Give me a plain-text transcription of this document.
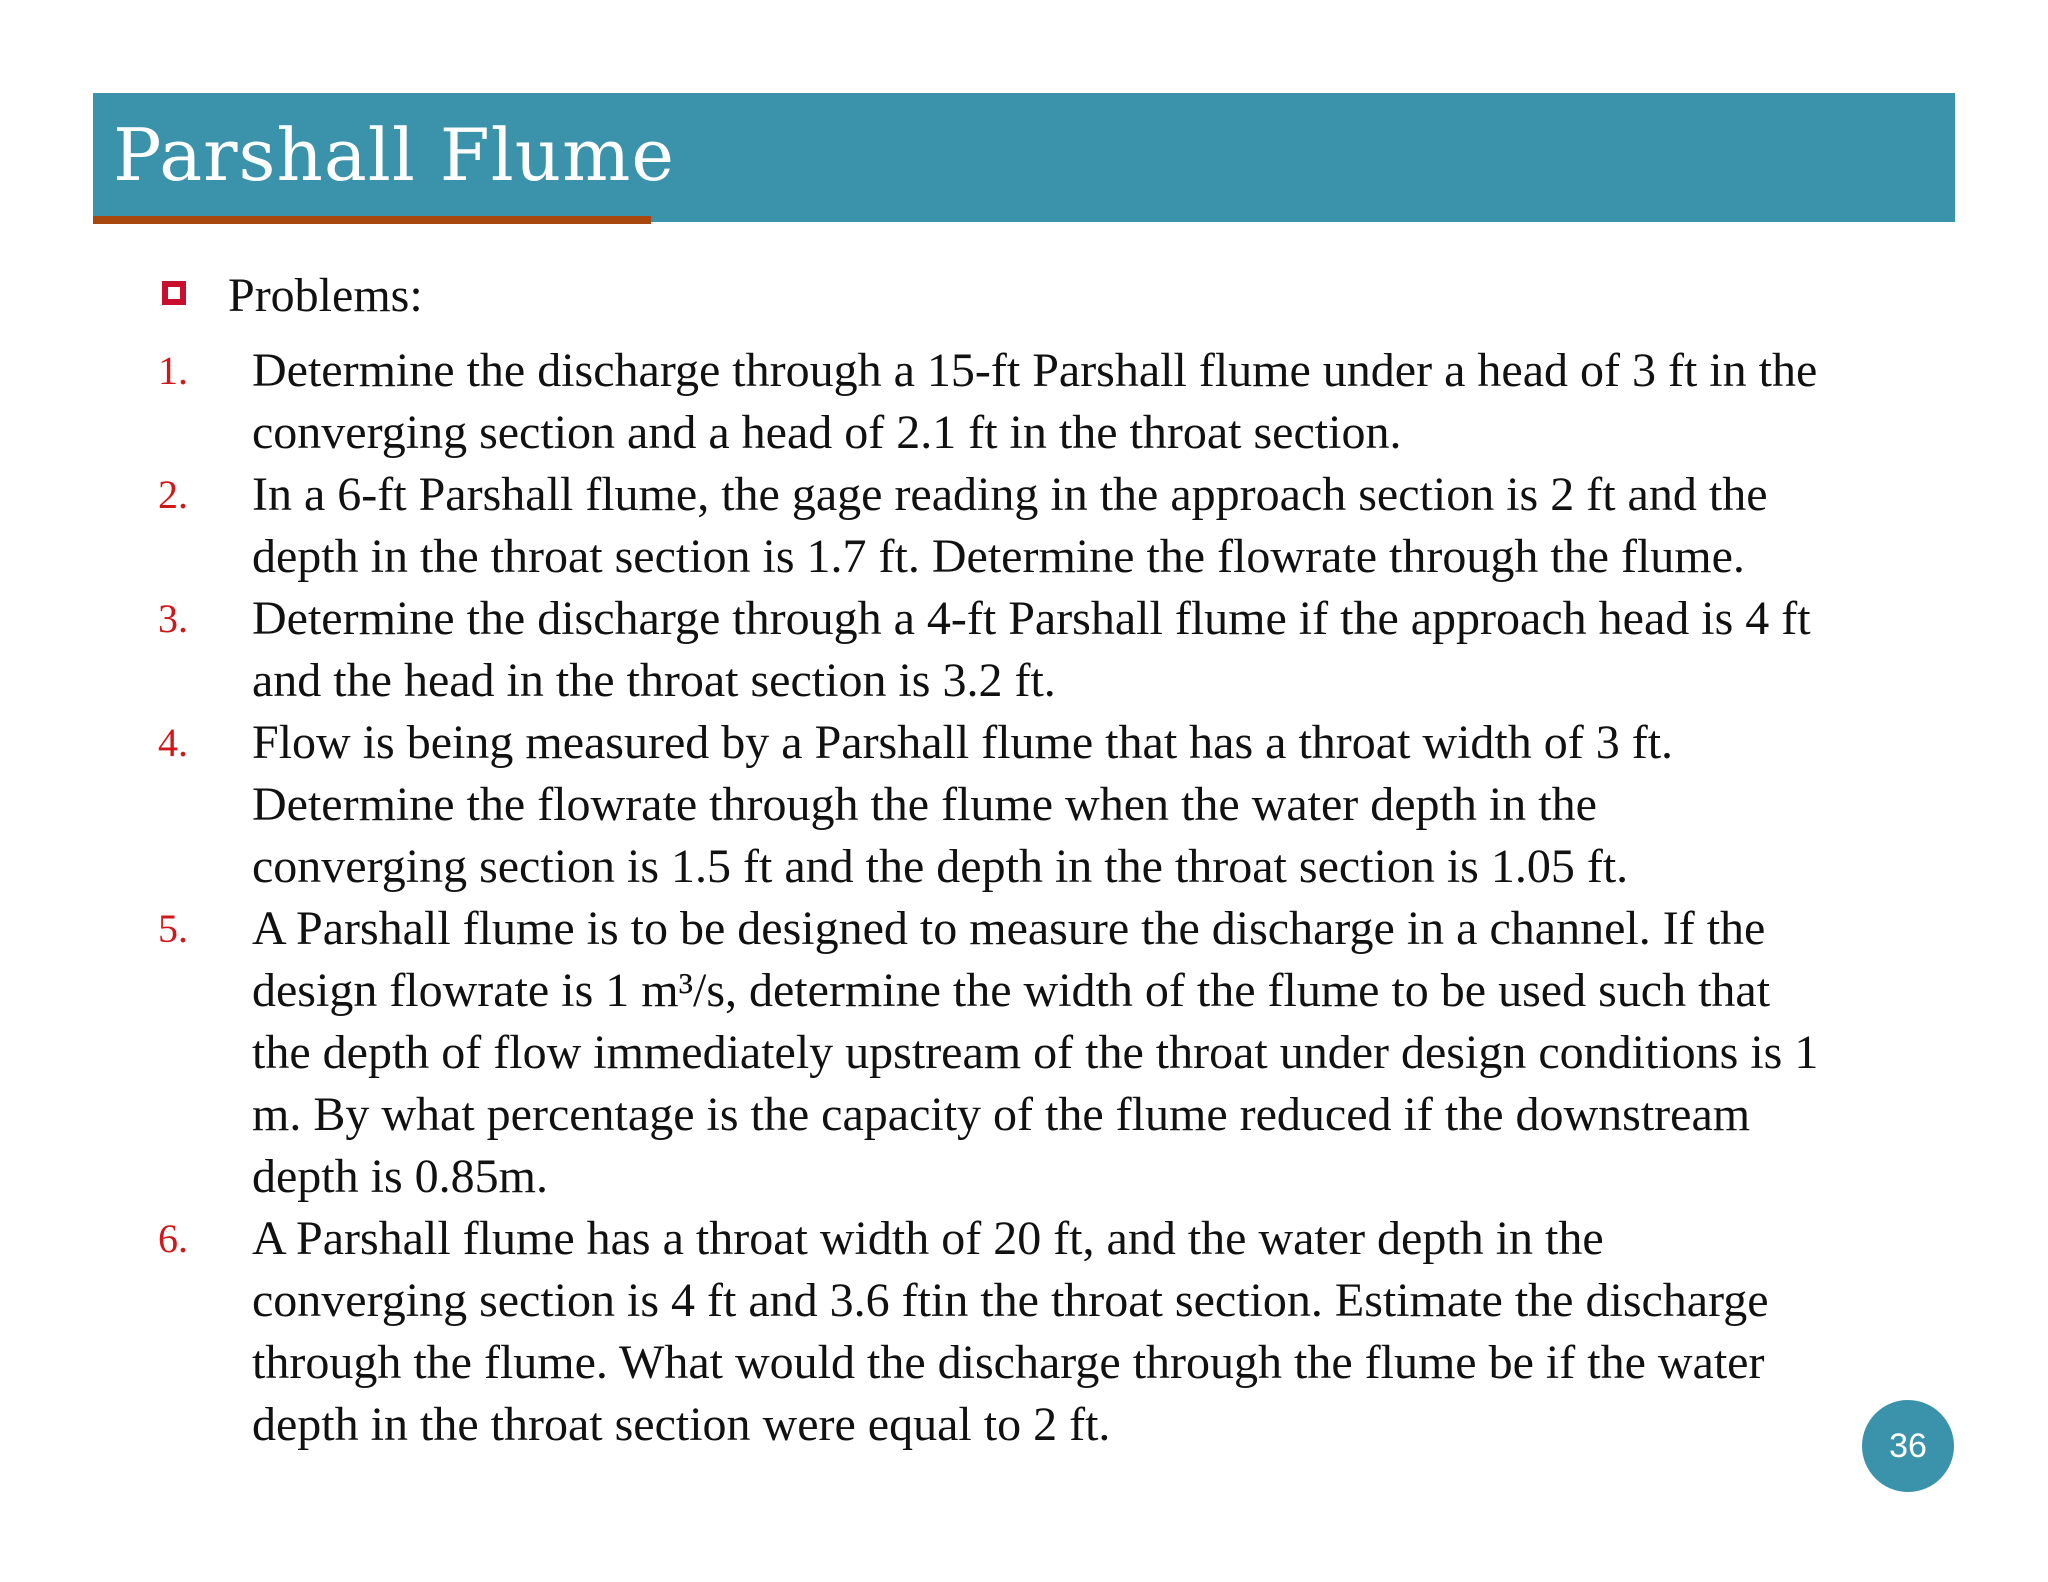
Parshall Flume
Problems:
1. Determine the discharge through a 15-ft Parshall flume under a head of 3 ft in the
converging section and a head of 2.1 ft in the throat section.
2. In a 6-ft Parshall flume, the gage reading in the approach section is 2 ft and the
depth in the throat section is 1.7 ft. Determine the flowrate through the flume.
3. Determine the discharge through a 4-ft Parshall flume if the approach head is 4 ft
and the head in the throat section is 3.2 ft.
4. Flow is being measured by a Parshall flume that has a throat width of 3 ft.
Determine the flowrate through the flume when the water depth in the
converging section is 1.5 ft and the depth in the throat section is 1.05 ft.
5. A Parshall flume is to be designed to measure the discharge in a channel. If the
design flowrate is 1 m³/s, determine the width of the flume to be used such that
the depth of flow immediately upstream of the throat under design conditions is 1
m. By what percentage is the capacity of the flume reduced if the downstream
depth is 0.85m.
6. A Parshall flume has a throat width of 20 ft, and the water depth in the
converging section is 4 ft and 3.6 ftin the throat section. Estimate the discharge
through the flume. What would the discharge through the flume be if the water
depth in the throat section were equal to 2 ft.	36
